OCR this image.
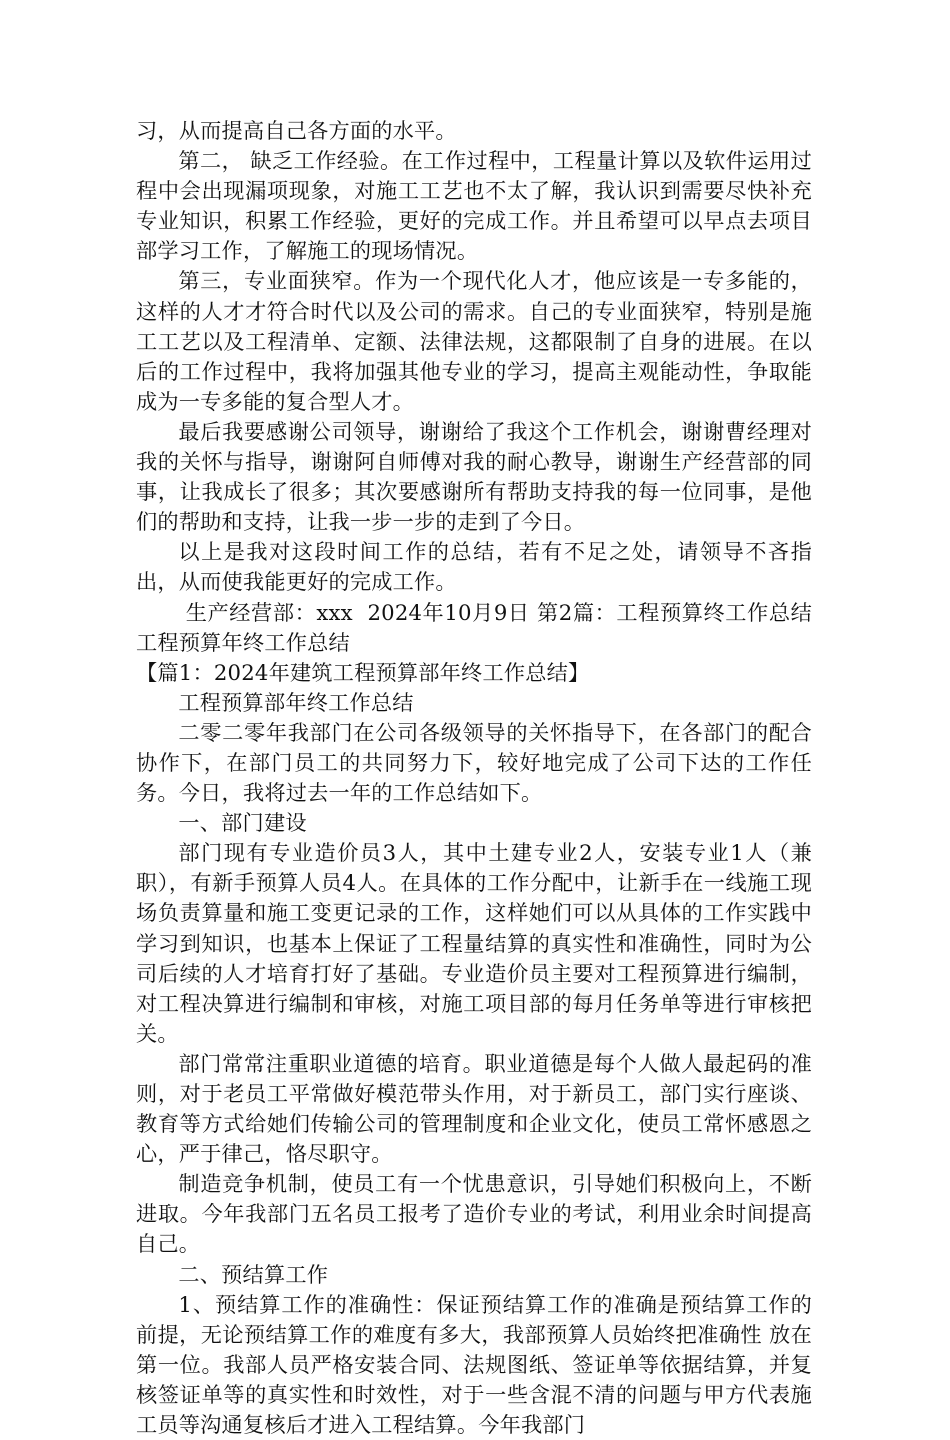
习，从而提高自己各方面的水平。

第二， 缺乏工作经验。在工作过程中，工程量计算以及软件运用过程中会出现漏项现象，对施工工艺也不太了解，我认识到需要尽快补充专业知识，积累工作经验，更好的完成工作。并且希望可以早点去项目部学习工作，了解施工的现场情况。

第三，专业面狭窄。作为一个现代化人才，他应该是一专多能的，这样的人才才符合时代以及公司的需求。自己的专业面狭窄，特别是施工工艺以及工程清单、定额、法律法规，这都限制了自身的进展。在以后的工作过程中，我将加强其他专业的学习，提高主观能动性，争取能成为一专多能的复合型人才。

最后我要感谢公司领导，谢谢给了我这个工作机会，谢谢曹经理对我的关怀与指导，谢谢阿自师傅对我的耐心教导，谢谢生产经营部的同事，让我成长了很多；其次要感谢所有帮助支持我的每一位同事，是他们的帮助和支持，让我一步一步的走到了今日。

以上是我对这段时间工作的总结，若有不足之处，请领导不吝指出，从而使我能更好的完成工作。

生产经营部：xxx  2024年10月9日 第2篇：工程预算终工作总结工程预算年终工作总结

【篇1：2024年建筑工程预算部年终工作总结】

工程预算部年终工作总结

二零二零年我部门在公司各级领导的关怀指导下，在各部门的配合协作下，在部门员工的共同努力下，较好地完成了公司下达的工作任务。今日，我将过去一年的工作总结如下。

一、部门建设

部门现有专业造价员3人，其中土建专业2人，安装专业1人（兼职），有新手预算人员4人。在具体的工作分配中，让新手在一线施工现场负责算量和施工变更记录的工作，这样她们可以从具体的工作实践中学习到知识，也基本上保证了工程量结算的真实性和准确性，同时为公司后续的人才培育打好了基础。专业造价员主要对工程预算进行编制，对工程决算进行编制和审核，对施工项目部的每月任务单等进行审核把关。

部门常常注重职业道德的培育。职业道德是每个人做人最起码的准则，对于老员工平常做好模范带头作用，对于新员工，部门实行座谈、教育等方式给她们传输公司的管理制度和企业文化，使员工常怀感恩之心，严于律己，恪尽职守。

制造竞争机制，使员工有一个忧患意识，引导她们积极向上，不断进取。今年我部门五名员工报考了造价专业的考试，利用业余时间提高自己。

二、预结算工作

1、预结算工作的准确性：保证预结算工作的准确是预结算工作的前提，无论预结算工作的难度有多大，我部预算人员始终把准确性 放在第一位。我部人员严格安装合同、法规图纸、签证单等依据结算，并复核签证单等的真实性和时效性，对于一些含混不清的问题与甲方代表施工员等沟通复核后才进入工程结算。今年我部门
